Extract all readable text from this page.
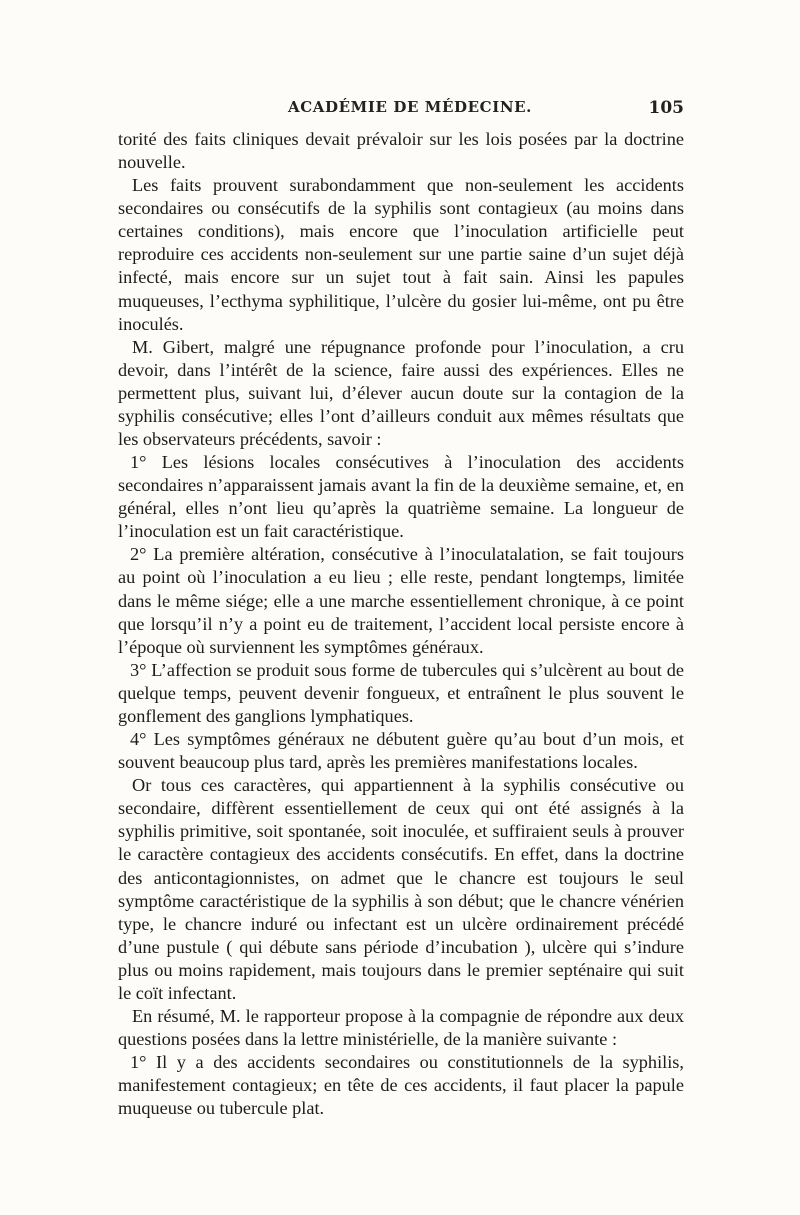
ACADÉMIE DE MÉDECINE.	105

torité des faits cliniques devait prévaloir sur les lois posées par la doctrine nouvelle.

Les faits prouvent surabondamment que non-seulement les accidents secondaires ou consécutifs de la syphilis sont contagieux (au moins dans certaines conditions), mais encore que l’inoculation artificielle peut reproduire ces accidents non-seulement sur une partie saine d’un sujet déjà infecté, mais encore sur un sujet tout à fait sain. Ainsi les papules muqueuses, l’ecthyma syphilitique, l’ulcère du gosier lui-même, ont pu être inoculés.

M. Gibert, malgré une répugnance profonde pour l’inoculation, a cru devoir, dans l’intérêt de la science, faire aussi des expériences. Elles ne permettent plus, suivant lui, d’élever aucun doute sur la contagion de la syphilis consécutive; elles l’ont d’ailleurs conduit aux mêmes résultats que les observateurs précédents, savoir :

1° Les lésions locales consécutives à l’inoculation des accidents secondaires n’apparaissent jamais avant la fin de la deuxième semaine, et, en général, elles n’ont lieu qu’après la quatrième semaine. La longueur de l’inoculation est un fait caractéristique.

2° La première altération, consécutive à l’inoculatalation, se fait toujours au point où l’inoculation a eu lieu ; elle reste, pendant longtemps, limitée dans le même siége; elle a une marche essentiellement chronique, à ce point que lorsqu’il n’y a point eu de traitement, l’accident local persiste encore à l’époque où surviennent les symptômes généraux.

3° L’affection se produit sous forme de tubercules qui s’ulcèrent au bout de quelque temps, peuvent devenir fongueux, et entraînent le plus souvent le gonflement des ganglions lymphatiques.

4° Les symptômes généraux ne débutent guère qu’au bout d’un mois, et souvent beaucoup plus tard, après les premières manifestations locales.

Or tous ces caractères, qui appartiennent à la syphilis consécutive ou secondaire, diffèrent essentiellement de ceux qui ont été assignés à la syphilis primitive, soit spontanée, soit inoculée, et suffiraient seuls à prouver le caractère contagieux des accidents consécutifs. En effet, dans la doctrine des anticontagionnistes, on admet que le chancre est toujours le seul symptôme caractéristique de la syphilis à son début; que le chancre vénérien type, le chancre induré ou infectant est un ulcère ordinairement précédé d’une pustule ( qui débute sans période d’incubation ), ulcère qui s’indure plus ou moins rapidement, mais toujours dans le premier septénaire qui suit le coït infectant.

En résumé, M. le rapporteur propose à la compagnie de répondre aux deux questions posées dans la lettre ministérielle, de la manière suivante :

1° Il y a des accidents secondaires ou constitutionnels de la syphilis, manifestement contagieux; en tête de ces accidents, il faut placer la papule muqueuse ou tubercule plat.
